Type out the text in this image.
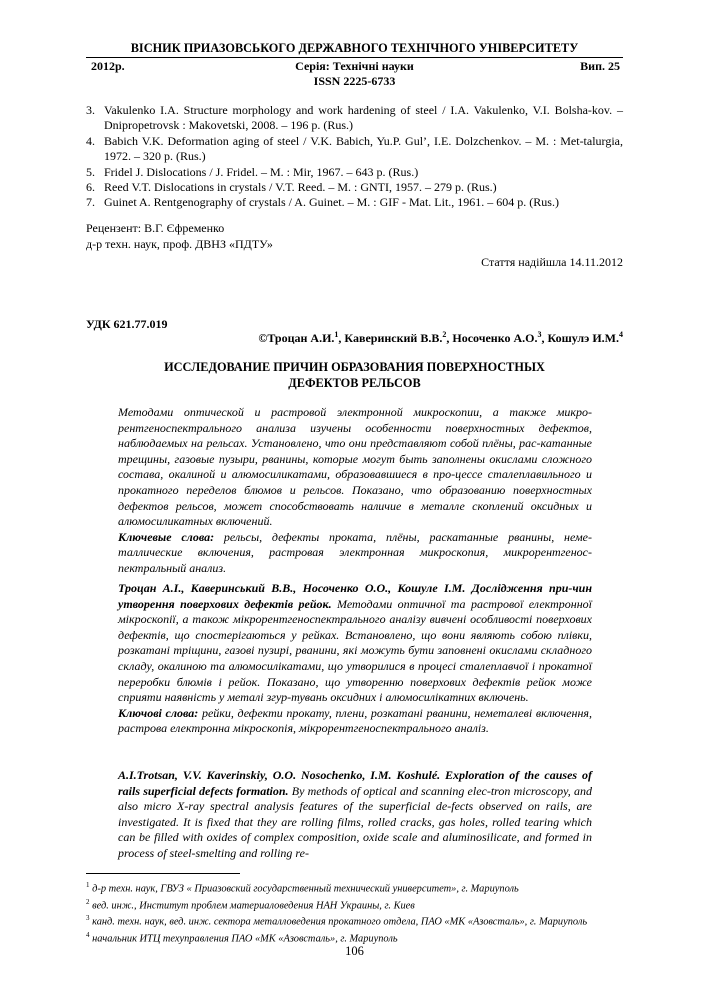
ВІСНИК ПРИАЗОВСЬКОГО ДЕРЖАВНОГО ТЕХНІЧНОГО УНІВЕРСИТЕТУ
2012р.	Серія: Технічні науки	Вип. 25
ISSN 2225-6733
3. Vakulenko I.A. Structure morphology and work hardening of steel / I.A. Vakulenko, V.I. Bolsha-kov. – Dnipropetrovsk : Makovetski, 2008. – 196 р. (Rus.)
4. Babich V.K. Deformation aging of steel / V.K. Babich, Yu.P. Gul’, I.E. Dolzchenkov. – M. : Met-talurgia, 1972. – 320 р. (Rus.)
5. Fridel J. Dislocations / J. Fridel. – M. : Mir, 1967. – 643 р. (Rus.)
6. Reed V.T. Dislocations in crystals / V.T. Reed. – M. : GNTI, 1957. – 279 р. (Rus.)
7. Guinet A. Rentgenography of crystals / A. Guinet. – M. : GIF - Mat. Lit., 1961. – 604 р. (Rus.)
Рецензент: В.Г. Єфременко
д-р техн. наук, проф. ДВНЗ «ПДТУ»
Стаття надійшла 14.11.2012
УДК 621.77.019
©Троцан А.И.$^1$, Каверинский В.В.$^2$, Носоченко А.О.$^3$, Кошулэ И.М.$^4$
ИССЛЕДОВАНИЕ ПРИЧИН ОБРАЗОВАНИЯ ПОВЕРХНОСТНЫХ
ДЕФЕКТОВ РЕЛЬСОВ
Методами оптической и растровой электронной микроскопии, а также микро-рентгеноспектрального анализа изучены особенности поверхностных дефектов, наблюдаемых на рельсах. Установлено, что они представляют собой плёны, рас-катанные трещины, газовые пузыри, рванины, которые могут быть заполнены окислами сложного состава, окалиной и алюмосиликатами, образовавшиеся в про-цессе сталеплавильного и прокатного переделов блюмов и рельсов. Показано, что образованию поверхностных дефектов рельсов, может способствовать наличие в металле скоплений оксидных и алюмосиликатных включений.
Ключевые слова: рельсы, дефекты проката, плёны, раскатанные рванины, неме-таллические включения, растровая электронная микроскопия, микрорентгенос-пектральный анализ.
Троцан А.І., Каверинський В.В., Носоченко О.О., Кошуле І.М. Дослідження при-чин утворення поверхових дефектів рейок. Методами оптичної та растрової електронної мікроскопії, а також мікрорентгеноспектрального аналізу вивчені особливості поверхових дефектів, що спостерігаються у рейках. Встановлено, що вони являють собою плівки, розкатані тріщини, газові пузирі, рванини, які можуть бути заповнені окислами складного складу, окалиною та алюмосилікатами, що утворилися в процесі сталеплавчої і прокатної переробки блюмів і рейок. Показано, що утворенню поверхових дефектів рейок може сприяти наявність у металі згур-тувань оксидних і алюмосилікатних включень.
Ключові слова: рейки, дефекти прокату, плени, розкатані рванини, неметалеві включення, растрова електронна мікроскопія, мікрорентгеноспектрального аналіз.
A.I.Trotsan, V.V. Kaverinskiy, O.O. Nosochenko, I.M. Koshulé. Exploration of the causes of rails superficial defects formation. By methods of optical and scanning elec-tron microscopy, and also micro X-ray spectral analysis features of the superficial de-fects observed on rails, are investigated. It is fixed that they are rolling films, rolled cracks, gas holes, rolled tearing which can be filled with oxides of complex composition, oxide scale and aluminosilicate, and formed in process of steel-smelting and rolling re-
$^1$ д-р техн. наук, ГВУЗ « Приазовский государственный технический университет», г. Мариуполь
$^2$ вед. инж., Институт проблем материаловедения НАН Украины, г. Киев
$^3$ канд. техн. наук, вед. инж. сектора металловедения прокатного отдела, ПАО «МК «Азовсталь», г. Мариуполь
$^4$ начальник ИТЦ техуправления ПАО «МК «Азовсталь», г. Мариуполь
106
